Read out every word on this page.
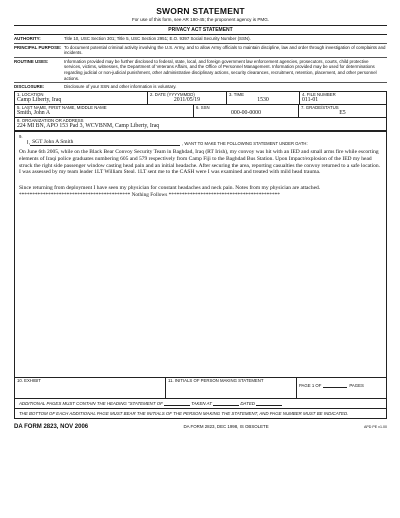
SWORN STATEMENT
For use of this form, see AR 190-45; the proponent agency is PMG.
PRIVACY ACT STATEMENT
AUTHORITY:	Title 10, USC Section 301; Title 5, USC Section 2951; E.O. 9397 Social Security Number (SSN).
PRINCIPAL PURPOSE: To document potential criminal activity involving the U.S. Army, and to allow Army officials to maintain discipline, law and order through investigation of complaints and incidents.
ROUTINE USES:	Information provided may be further disclosed to federal, state, local, and foreign government law enforcement agencies, prosecutors, courts, child protective services, victims, witnesses, the Department of Veterans Affairs, and the Office of Personnel Management. Information provided may be used for determinations regarding judicial or non-judicial punishment, other administrative disciplinary actions, security clearances, recruitment, retention, placement, and other personnel actions.
DISCLOSURE:	Disclosure of your SSN and other information is voluntary.
1. LOCATION
Camp Liberty, Iraq
2. DATE (YYYYMMDD)
2011/05/19
3. TIME
1530
4. FILE NUMBER
011-01
5. LAST NAME, FIRST NAME, MIDDLE NAME
Smith, John A
6. SSN
000-00-0000
7. GRADE/STATUS
E5
8. ORGANIZATION OR ADDRESS
224 MI BN, APO 153 Pad 3, WCVBNM, Camp Liberty, Iraq
9.
I, SGT John A Smith	, WANT TO MAKE THE FOLLOWING STATEMENT UNDER OATH:

On June 6th 2005, while on the Black Bear Convoy Security Team in Baghdad, Iraq (RT Irish), my convoy was hit with an IED and small arms fire while escorting elements of Iraqi police graduates numbering 605 and 579 respectively from Camp Fiji to the Baghdad Bus Station. Upon Impact/explosion of the IED my head struck the right side passenger window casting head pain and an initial headache. After securing the area, reporting casualties the convoy returned to a safe location. I was assessed by my team leader 1LT William Steal. 1LT sent me to the CASH were I was examined and treated with mild head trauma.

Since returning from deployment I have seen my physician for constant headaches and neck pain. Notes from my physician are attached.

****************************************** Nothing Follows ******************************************
10. EXHIBIT	11. INITIALS OF PERSON MAKING STATEMENT
PAGE 1 OF	PAGES
ADDITIONAL PAGES MUST CONTAIN THE HEADING "STATEMENT OF	TAKEN AT	DATED
THE BOTTOM OF EACH ADDITIONAL PAGE MUST BEAR THE INITIALS OF THE PERSON MAKING THE STATEMENT, AND PAGE NUMBER MUST BE INDICATED.
DA FORM 2823, NOV 2006	DA FORM 2823, DEC 1998, IS OBSOLETE	APD PE v1.00
